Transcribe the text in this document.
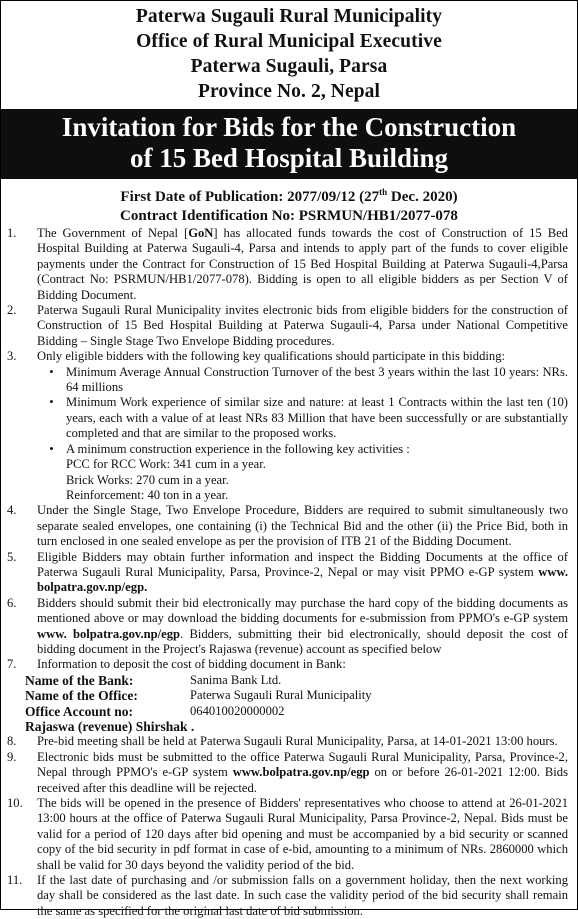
Paterwa Sugauli Rural Municipality
Office of Rural Municipal Executive
Paterwa Sugauli, Parsa
Province No. 2, Nepal
Invitation for Bids for the Construction
of 15 Bed Hospital Building
First Date of Publication: 2077/09/12 (27th Dec. 2020)
Contract Identification No: PSRMUN/HB1/2077-078
1.	The Government of Nepal [GoN] has allocated funds towards the cost of Construction of 15 Bed Hospital Building at Paterwa Sugauli-4, Parsa and intends to apply part of the funds to cover eligible payments under the Contract for Construction of 15 Bed Hospital Building at Paterwa Sugauli-4,Parsa (Contract No: PSRMUN/HB1/2077-078). Bidding is open to all eligible bidders as per Section V of Bidding Document.
2.	Paterwa Sugauli Rural Municipality invites electronic bids from eligible bidders for the construction of Construction of 15 Bed Hospital Building at Paterwa Sugauli-4, Parsa under National Competitive Bidding – Single Stage Two Envelope Bidding procedures.
3.	Only eligible bidders with the following key qualifications should participate in this bidding:
• Minimum Average Annual Construction Turnover of the best 3 years within the last 10 years: NRs. 64 millions
• Minimum Work experience of similar size and nature: at least 1 Contracts within the last ten (10) years, each with a value of at least NRs 83 Million that have been successfully or are substantially completed and that are similar to the proposed works.
• A minimum construction experience in the following key activities :
PCC for RCC Work: 341 cum in a year.
Brick Works: 270 cum in a year.
Reinforcement: 40 ton in a year.
4.	Under the Single Stage, Two Envelope Procedure, Bidders are required to submit simultaneously two separate sealed envelopes, one containing (i) the Technical Bid and the other (ii) the Price Bid, both in turn enclosed in one sealed envelope as per the provision of ITB 21 of the Bidding Document.
5.	Eligible Bidders may obtain further information and inspect the Bidding Documents at the office of Paterwa Sugauli Rural Municipality, Parsa, Province-2, Nepal or may visit PPMO e-GP system www. bolpatra.gov.np/egp.
6.	Bidders should submit their bid electronically may purchase the hard copy of the bidding documents as mentioned above or may download the bidding documents for e-submission from PPMO's e-GP system www. bolpatra.gov.np/egp. Bidders, submitting their bid electronically, should deposit the cost of bidding document in the Project's Rajaswa (revenue) account as specified below
7.	Information to deposit the cost of bidding document in Bank:
Name of the Bank:	Sanima Bank Ltd.
Name of the Office:	Paterwa Sugauli Rural Municipality
Office Account no:	064010020000002
Rajaswa (revenue) Shirshak .
8.	Pre-bid meeting shall be held at Paterwa Sugauli Rural Municipality, Parsa, at 14-01-2021 13:00 hours.
9.	Electronic bids must be submitted to the office Paterwa Sugauli Rural Municipality, Parsa, Province-2, Nepal through PPMO's e-GP system www.bolpatra.gov.np/egp on or before 26-01-2021 12:00. Bids received after this deadline will be rejected.
10.	The bids will be opened in the presence of Bidders' representatives who choose to attend at 26-01-2021 13:00 hours at the office of Paterwa Sugauli Rural Municipality, Parsa Province-2, Nepal. Bids must be valid for a period of 120 days after bid opening and must be accompanied by a bid security or scanned copy of the bid security in pdf format in case of e-bid, amounting to a minimum of NRs. 2860000 which shall be valid for 30 days beyond the validity period of the bid.
11.	If the last date of purchasing and /or submission falls on a government holiday, then the next working day shall be considered as the last date. In such case the validity period of the bid security shall remain the same as specified for the original last date of bid submission.
